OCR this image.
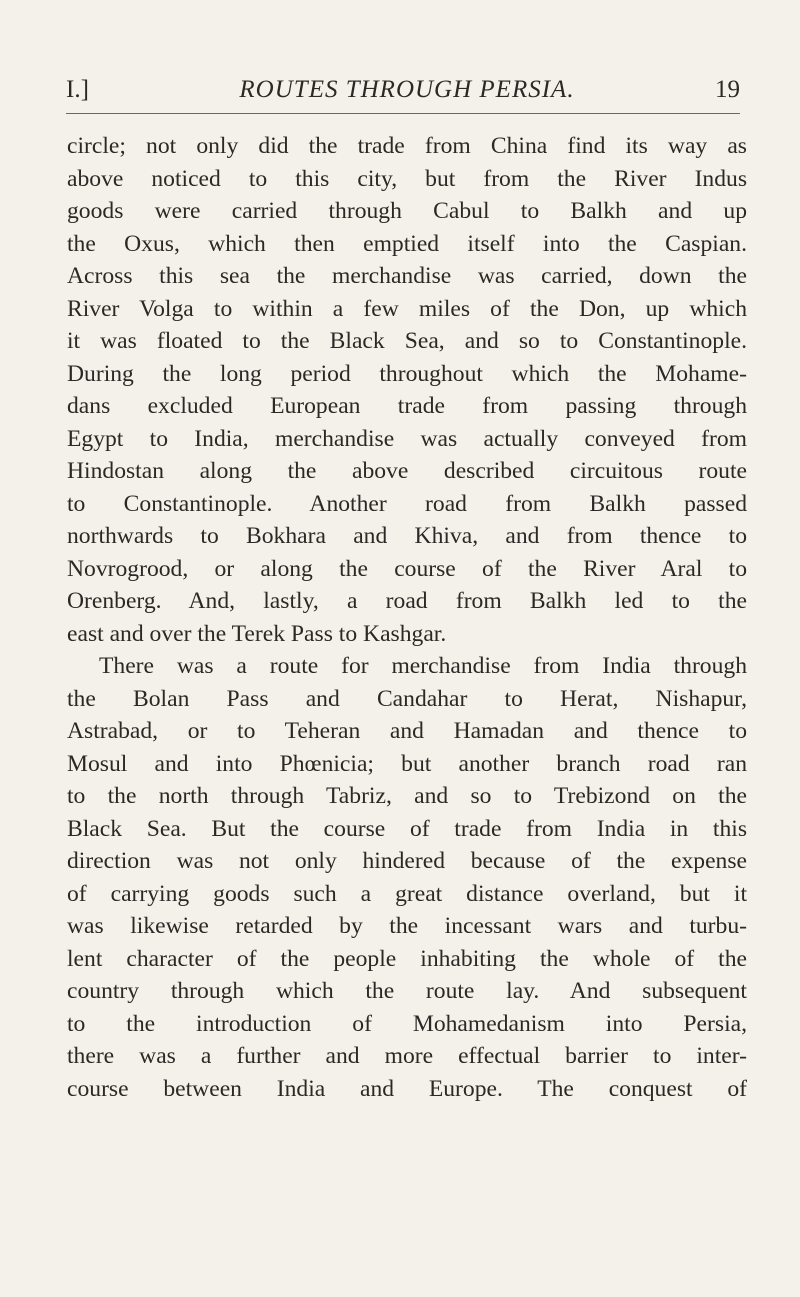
I.]	ROUTES THROUGH PERSIA.	19
circle; not only did the trade from China find its way as
above noticed to this city, but from the River Indus
goods were carried through Cabul to Balkh and up
the Oxus, which then emptied itself into the Caspian.
Across this sea the merchandise was carried, down the
River Volga to within a few miles of the Don, up which
it was floated to the Black Sea, and so to Constantinople.
During the long period throughout which the Mohame-
dans excluded European trade from passing through
Egypt to India, merchandise was actually conveyed from
Hindostan along the above described circuitous route
to Constantinople. Another road from Balkh passed
northwards to Bokhara and Khiva, and from thence to
Novrogrood, or along the course of the River Aral to
Orenberg. And, lastly, a road from Balkh led to the
east and over the Terek Pass to Kashgar.
There was a route for merchandise from India through
the Bolan Pass and Candahar to Herat, Nishapur,
Astrabad, or to Teheran and Hamadan and thence to
Mosul and into Phœnicia; but another branch road ran
to the north through Tabriz, and so to Trebizond on the
Black Sea. But the course of trade from India in this
direction was not only hindered because of the expense
of carrying goods such a great distance overland, but it
was likewise retarded by the incessant wars and turbu-
lent character of the people inhabiting the whole of the
country through which the route lay. And subsequent
to the introduction of Mohamedanism into Persia,
there was a further and more effectual barrier to inter-
course between India and Europe. The conquest of
